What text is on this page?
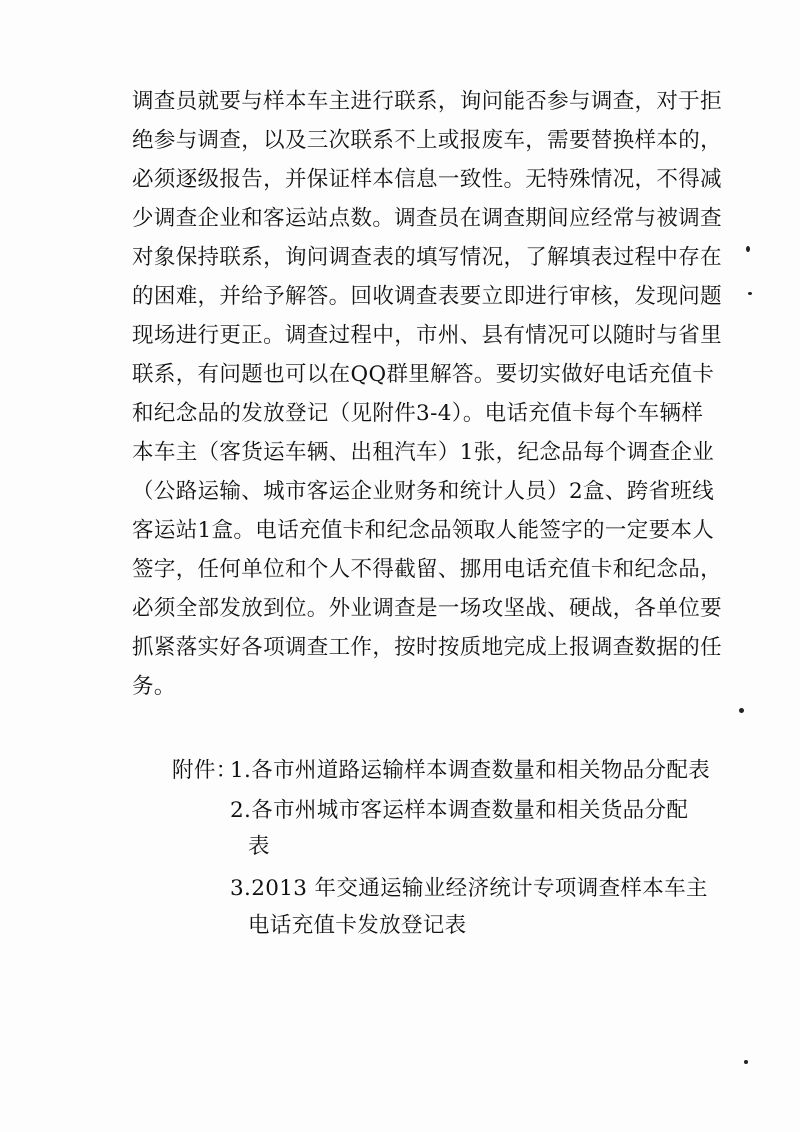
调查员就要与样本车主进行联系，询问能否参与调查，对于拒
绝参与调查，以及三次联系不上或报废车，需要替换样本的，
必须逐级报告，并保证样本信息一致性。无特殊情况，不得减
少调查企业和客运站点数。调查员在调查期间应经常与被调查
对象保持联系，询问调查表的填写情况，了解填表过程中存在
的困难，并给予解答。回收调查表要立即进行审核，发现问题
现场进行更正。调查过程中，市州、县有情况可以随时与省里
联系，有问题也可以在QQ群里解答。要切实做好电话充值卡
和纪念品的发放登记（见附件3-4）。电话充值卡每个车辆样
本车主（客货运车辆、出租汽车）1张，纪念品每个调查企业
（公路运输、城市客运企业财务和统计人员）2盒、跨省班线
客运站1盒。电话充值卡和纪念品领取人能签字的一定要本人
签字，任何单位和个人不得截留、挪用电话充值卡和纪念品，
必须全部发放到位。外业调查是一场攻坚战、硬战，各单位要
抓紧落实好各项调查工作，按时按质地完成上报调查数据的任
务。
附件：
1.各市州道路运输样本调查数量和相关物品分配表
2.各市州城市客运样本调查数量和相关货品分配
表
3.2013 年交通运输业经济统计专项调查样本车主
电话充值卡发放登记表
